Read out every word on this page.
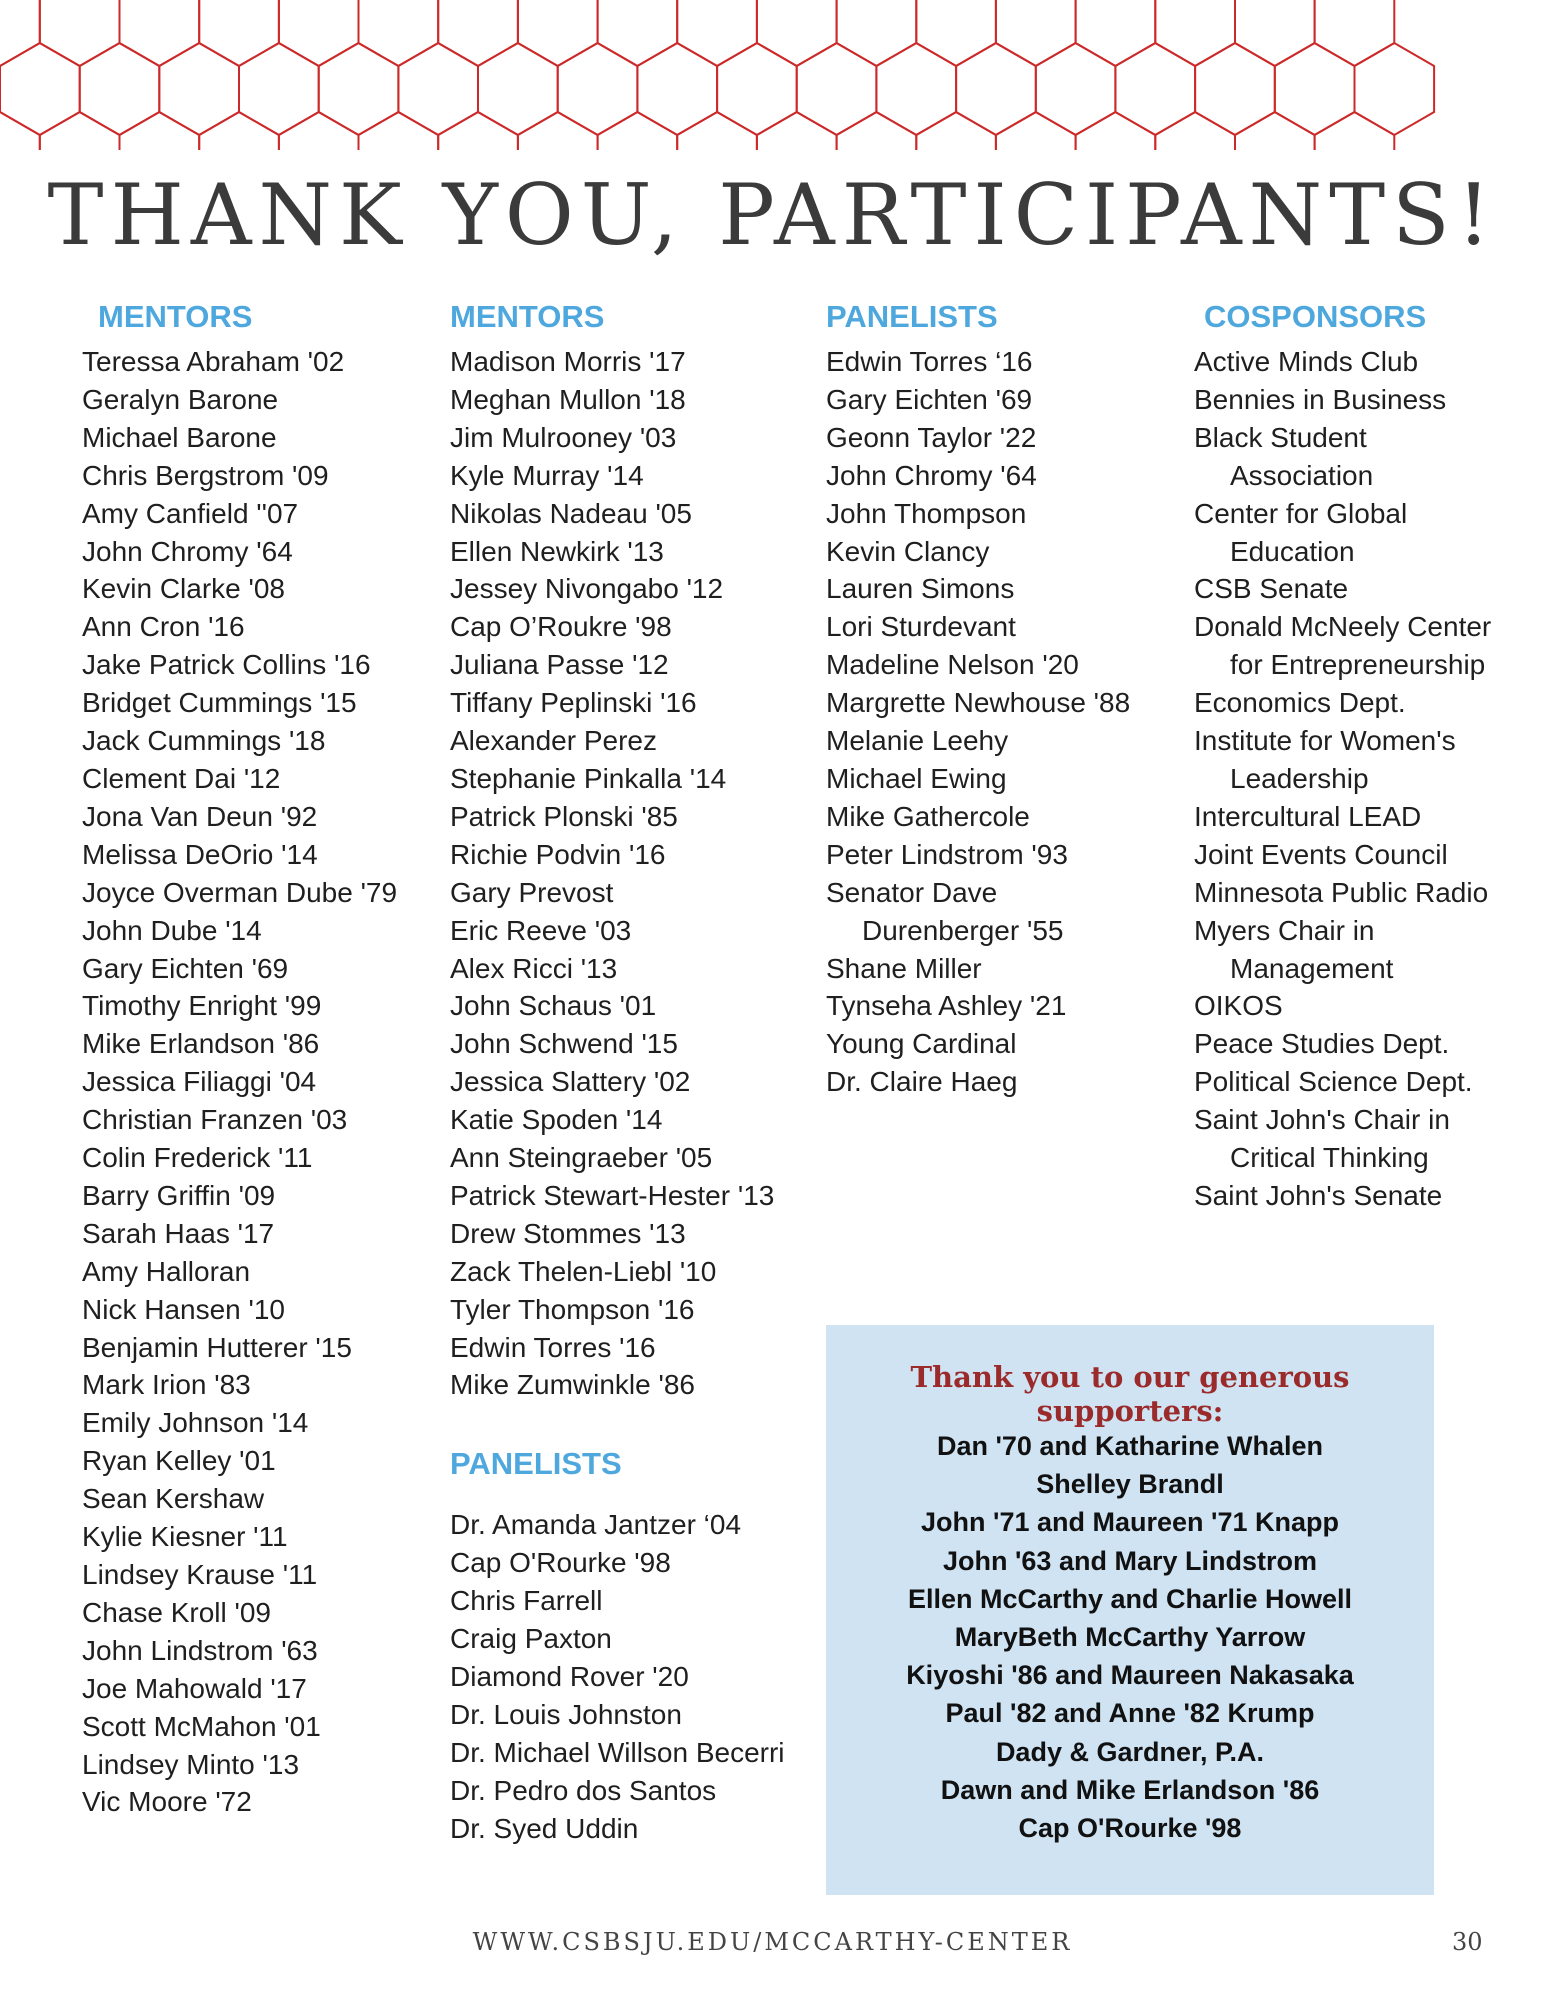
THANK YOU, PARTICIPANTS!
MENTORS
Teressa Abraham '02
Geralyn Barone
Michael Barone
Chris Bergstrom '09
Amy Canfield ''07
John Chromy '64
Kevin Clarke '08
Ann Cron '16
Jake Patrick Collins '16
Bridget Cummings '15
Jack Cummings '18
Clement Dai '12
Jona Van Deun '92
Melissa DeOrio '14
Joyce Overman Dube '79
John Dube '14
Gary Eichten '69
Timothy Enright '99
Mike Erlandson '86
Jessica Filiaggi '04
Christian Franzen '03
Colin Frederick '11
Barry Griffin '09
Sarah Haas '17
Amy Halloran
Nick Hansen '10
Benjamin Hutterer '15
Mark Irion '83
Emily Johnson '14
Ryan Kelley '01
Sean Kershaw
Kylie Kiesner '11
Lindsey Krause '11
Chase Kroll '09
John Lindstrom '63
Joe Mahowald '17
Scott McMahon '01
Lindsey Minto '13
Vic Moore '72
MENTORS
Madison Morris '17
Meghan Mullon '18
Jim Mulrooney '03
Kyle Murray '14
Nikolas Nadeau '05
Ellen Newkirk '13
Jessey Nivongabo '12
Cap O’Roukre '98
Juliana Passe '12
Tiffany Peplinski '16
Alexander Perez
Stephanie Pinkalla '14
Patrick Plonski '85
Richie Podvin '16
Gary Prevost
Eric Reeve '03
Alex Ricci '13
John Schaus '01
John Schwend '15
Jessica Slattery '02
Katie Spoden '14
Ann Steingraeber '05
Patrick Stewart-Hester '13
Drew Stommes '13
Zack Thelen-Liebl '10
Tyler Thompson '16
Edwin Torres '16
Mike Zumwinkle '86
PANELISTS
Dr. Amanda Jantzer ‘04
Cap O'Rourke '98
Chris Farrell
Craig Paxton
Diamond Rover '20
Dr. Louis Johnston
Dr. Michael Willson Becerri
Dr. Pedro dos Santos
Dr. Syed Uddin
PANELISTS
Edwin Torres ‘16
Gary Eichten '69
Geonn Taylor '22
John Chromy '64
John Thompson
Kevin Clancy
Lauren Simons
Lori Sturdevant
Madeline Nelson '20
Margrette Newhouse '88
Melanie Leehy
Michael Ewing
Mike Gathercole
Peter Lindstrom '93
Senator Dave
Durenberger '55
Shane Miller
Tynseha Ashley '21
Young Cardinal
Dr. Claire Haeg
COSPONSORS
Active Minds Club
Bennies in Business
Black Student
Association
Center for Global
Education
CSB Senate
Donald McNeely Center
for Entrepreneurship
Economics Dept.
Institute for Women's
Leadership
Intercultural LEAD
Joint Events Council
Minnesota Public Radio
Myers Chair in
Management
OIKOS
Peace Studies Dept.
Political Science Dept.
Saint John's Chair in
Critical Thinking
Saint John's Senate
Thank you to our generous supporters:
Dan '70 and Katharine Whalen
Shelley Brandl
John '71 and Maureen '71 Knapp
John '63 and Mary Lindstrom
Ellen McCarthy and Charlie Howell
MaryBeth McCarthy Yarrow
Kiyoshi '86 and Maureen Nakasaka
Paul '82 and Anne '82 Krump
Dady & Gardner, P.A.
Dawn and Mike Erlandson '86
Cap O'Rourke '98
WWW.CSBSJU.EDU/MCCARTHY-CENTER	30
